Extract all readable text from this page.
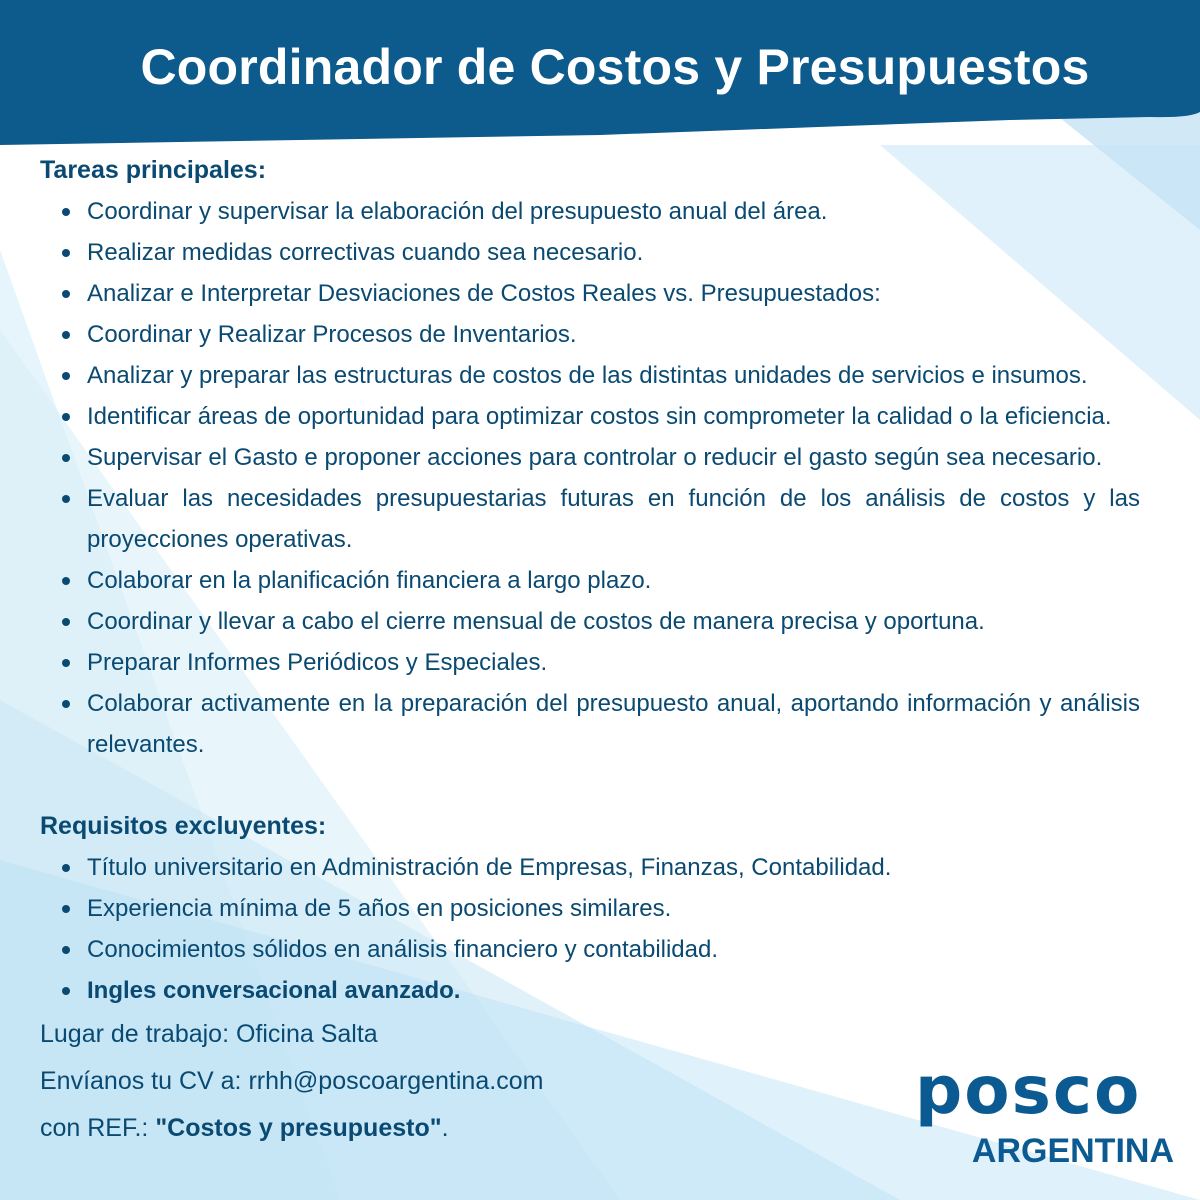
Coordinador de Costos y Presupuestos

Tareas principales:

Coordinar y supervisar la elaboración del presupuesto anual del área.
Realizar medidas correctivas cuando sea necesario.
Analizar e Interpretar Desviaciones de Costos Reales vs. Presupuestados:
Coordinar y Realizar Procesos de Inventarios.
Analizar y preparar las estructuras de costos de las distintas unidades de servicios e insumos.
Identificar áreas de oportunidad para optimizar costos sin comprometer la calidad o la eficiencia.
Supervisar el Gasto e proponer acciones para controlar o reducir el gasto según sea necesario.
Evaluar las necesidades presupuestarias futuras en función de los análisis de costos y las proyecciones operativas.
Colaborar en la planificación financiera a largo plazo.
Coordinar y llevar a cabo el cierre mensual de costos de manera precisa y oportuna.
Preparar Informes Periódicos y Especiales.
Colaborar activamente en la preparación del presupuesto anual, aportando información y análisis relevantes.

Requisitos excluyentes:

Título universitario en Administración de Empresas, Finanzas, Contabilidad.
Experiencia mínima de 5 años en posiciones similares.
Conocimientos sólidos en análisis financiero y contabilidad.
Ingles conversacional avanzado.
Lugar de trabajo: Oficina Salta
Envíanos tu CV a: rrhh@poscoargentina.com
con REF.: "Costos y presupuesto".	posco
ARGENTINA
